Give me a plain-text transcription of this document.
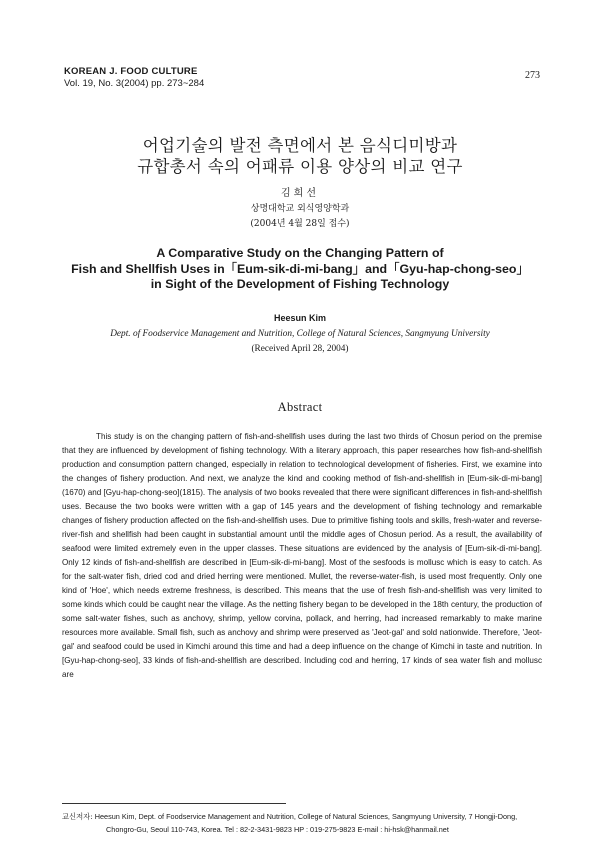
KOREAN J. FOOD CULTURE
Vol. 19, No. 3(2004) pp. 273~284
273
어업기술의 발전 측면에서 본 음식디미방과
규합총서 속의 어패류 이용 양상의 비교 연구
김희선
상명대학교 외식영양학과
(2004년 4월 28일 접수)
A Comparative Study on the Changing Pattern of
Fish and Shellfish Uses in「Eum-sik-di-mi-bang」and「Gyu-hap-chong-seo」
in Sight of the Development of Fishing Technology
Heesun Kim
Dept. of Foodservice Management and Nutrition, College of Natural Sciences, Sangmyung University
(Received April 28, 2004)
Abstract

This study is on the changing pattern of fish-and-shellfish uses during the last two thirds of Chosun period on the premise that they are influenced by development of fishing technology. With a literary approach, this paper researches how fish-and-shellfish production and consumption pattern changed, especially in relation to technological development of fisheries. First, we examine into the changes of fishery production. And next, we analyze the kind and cooking method of fish-and-shellfish in [Eum-sik-di-mi-bang](1670) and [Gyu-hap-chong-seo](1815). The analysis of two books revealed that there were significant differences in fish-and-shellfish uses. Because the two books were written with a gap of 145 years and the development of fishing technology and remarkable changes of fishery production affected on the fish-and-shellfish uses. Due to primitive fishing tools and skills, fresh-water and reverse-river-fish and shellfish had been caught in substantial amount until the middle ages of Chosun period. As a result, the availability of seafood were limited extremely even in the upper classes. These situations are evidenced by the analysis of [Eum-sik-di-mi-bang]. Only 12 kinds of fish-and-shellfish are described in [Eum-sik-di-mi-bang]. Most of the sesfoods is mollusc which is easy to catch. As for the salt-water fish, dried cod and dried herring were mentioned. Mullet, the reverse-water-fish, is used most frequently. Only one kind of 'Hoe', which needs extreme freshness, is described. This means that the use of fresh fish-and-shellfish was very limited to some kinds which could be caught near the village. As the netting fishery began to be developed in the 18th century, the production of some salt-water fishes, such as anchovy, shrimp, yellow corvina, pollack, and herring, had increased remarkably to make marine resources more available. Small fish, such as anchovy and shrimp were preserved as 'Jeot-gal' and sold nationwide. Therefore, 'Jeot-gal' and seafood could be used in Kimchi around this time and had a deep influence on the change of Kimchi in taste and nutrition. In [Gyu-hap-chong-seo], 33 kinds of fish-and-shellfish are described. Including cod and herring, 17 kinds of sea water fish and mollusc are

교신저자: Heesun Kim, Dept. of Foodservice Management and Nutrition, College of Natural Sciences, Sangmyung University, 7 Hongji-Dong,
Chongro-Gu, Seoul 110-743, Korea. Tel : 82-2-3431-9823 HP : 019-275-9823 E-mail : hi-hsk@hanmail.net
